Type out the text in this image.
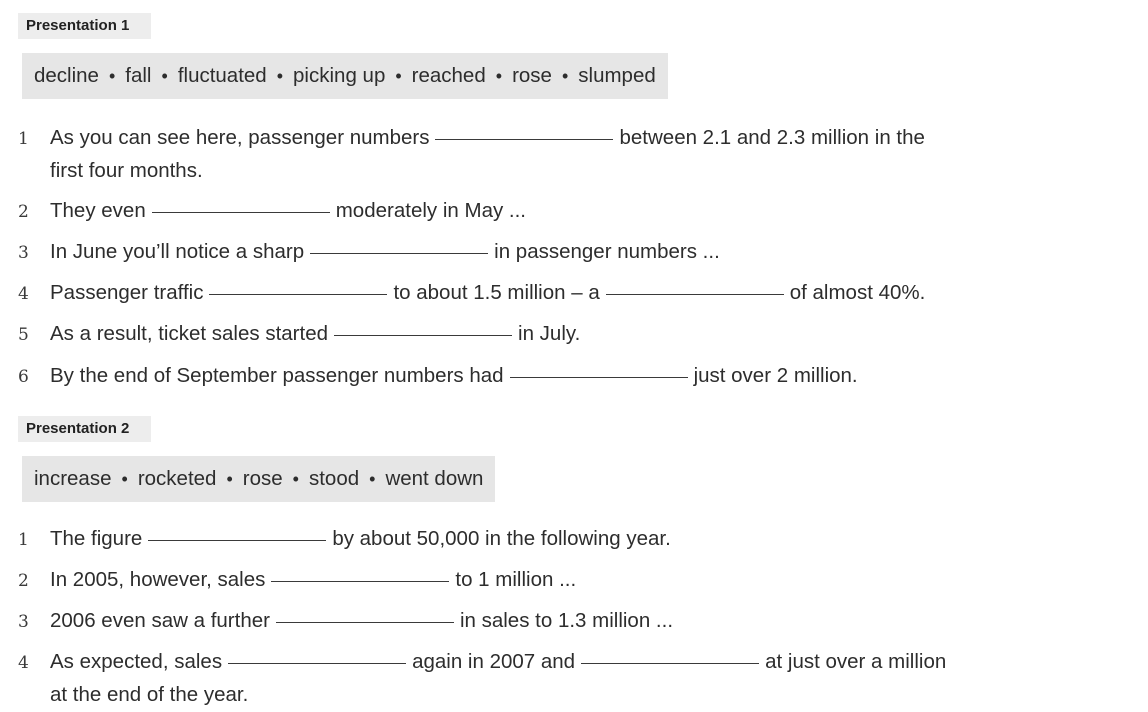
Presentation 1
decline • fall • fluctuated • picking up • reached • rose • slumped
1 As you can see here, passenger numbers	between 2.1 and 2.3 million in the
first four months.
2 They even	moderately in May ...
3 In June you’ll notice a sharp	in passenger numbers ...
4 Passenger traffic	to about 1.5 million – a	of almost 40%.
5 As a result, ticket sales started	in July.
6 By the end of September passenger numbers had	just over 2 million.
Presentation 2
increase • rocketed • rose • stood • went down
1 The figure	by about 50,000 in the following year.
2 In 2005, however, sales	to 1 million ...
3 2006 even saw a further	in sales to 1.3 million ...
4 As expected, sales	again in 2007 and	at just over a million
at the end of the year.
